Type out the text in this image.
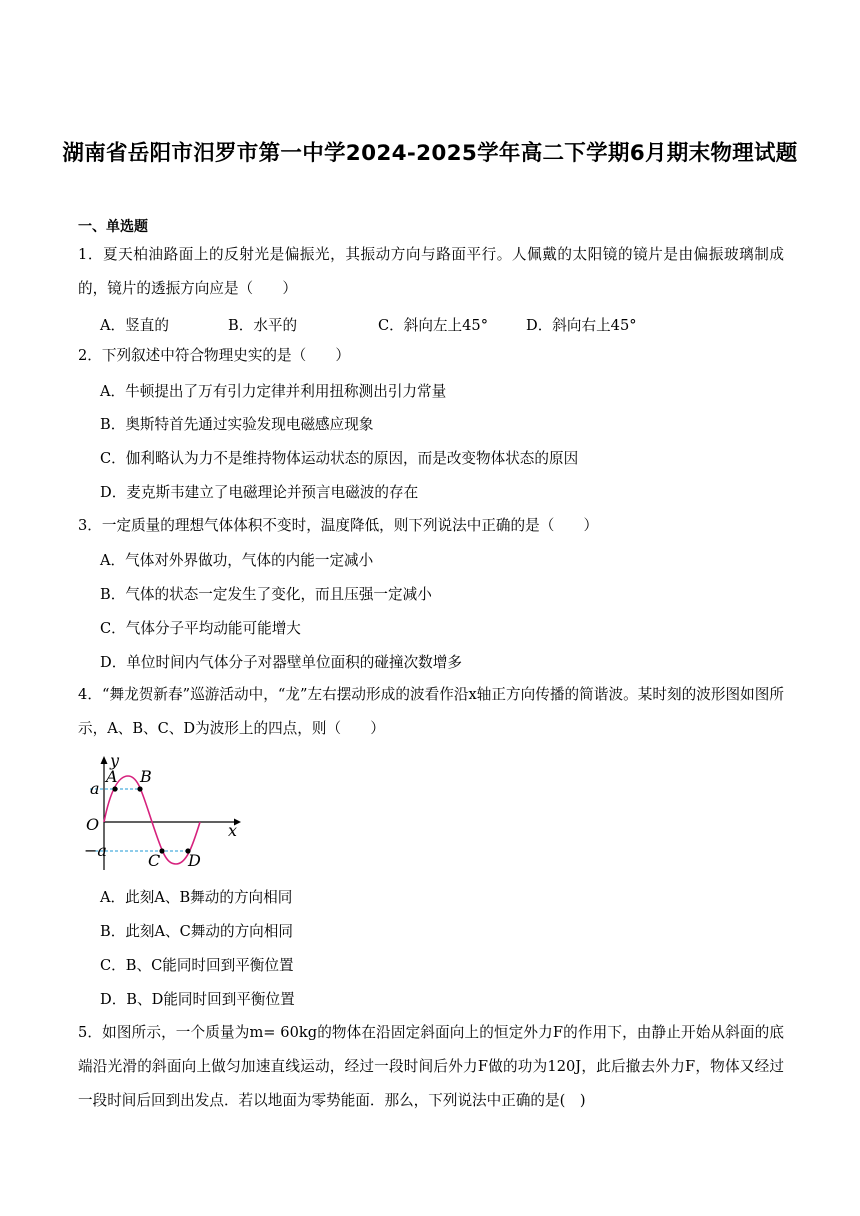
湖南省岳阳市汨罗市第一中学2024-2025学年高二下学期6月期末物理试题
一、单选题
1．夏天柏油路面上的反射光是偏振光，其振动方向与路面平行。人佩戴的太阳镜的镜片是由偏振玻璃制成的，镜片的透振方向应是（　　）
A．竖直的	B．水平的	C．斜向左上45°	D．斜向右上45°
2．下列叙述中符合物理史实的是（　　）
A．牛顿提出了万有引力定律并利用扭称测出引力常量
B．奥斯特首先通过实验发现电磁感应现象
C．伽利略认为力不是维持物体运动状态的原因，而是改变物体状态的原因
D．麦克斯韦建立了电磁理论并预言电磁波的存在
3．一定质量的理想气体体积不变时，温度降低，则下列说法中正确的是（　　）
A．气体对外界做功，气体的内能一定减小
B．气体的状态一定发生了变化，而且压强一定减小
C．气体分子平均动能可能增大
D．单位时间内气体分子对器壁单位面积的碰撞次数增多
4．“舞龙贺新春”巡游活动中，“龙”左右摆动形成的波看作沿x轴正方向传播的简谐波。某时刻的波形图如图所示，A、B、C、D为波形上的四点，则（　　）
y
A B
a
O	x
−a
C D
A．此刻A、B舞动的方向相同
B．此刻A、C舞动的方向相同
C．B、C能同时回到平衡位置
D．B、D能同时回到平衡位置
5．如图所示，一个质量为m= 60kg的物体在沿固定斜面向上的恒定外力F的作用下，由静止开始从斜面的底端沿光滑的斜面向上做匀加速直线运动，经过一段时间后外力F做的功为120J，此后撤去外力F，物体又经过一段时间后回到出发点．若以地面为零势能面．那么，下列说法中正确的是(　)
